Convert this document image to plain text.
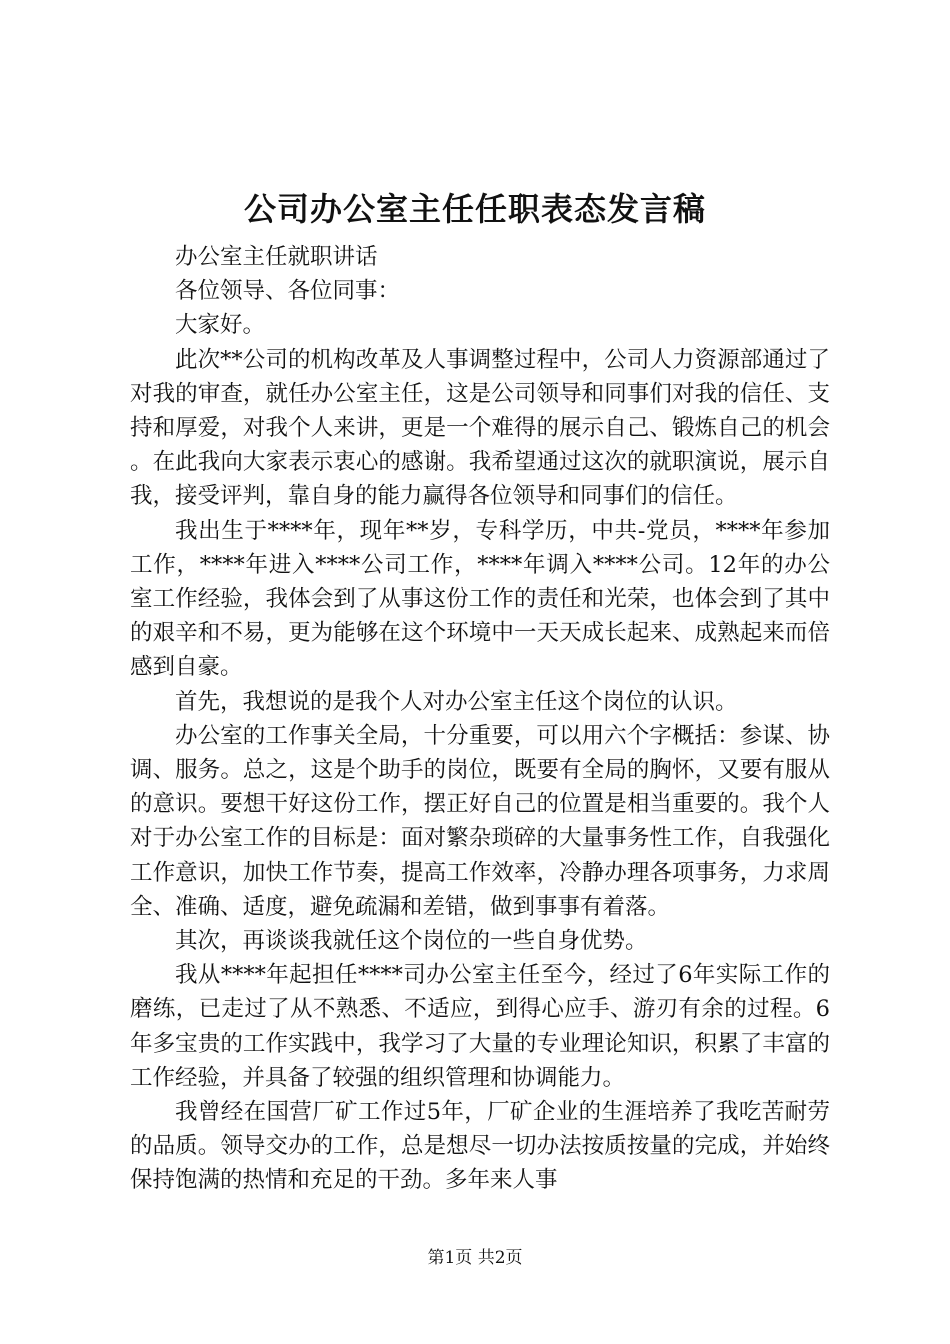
公司办公室主任任职表态发言稿

办公室主任就职讲话

各位领导、各位同事：

大家好。

此次**公司的机构改革及人事调整过程中，公司人力资源部通过了对我的审查，就任办公室主任，这是公司领导和同事们对我的信任、支持和厚爱，对我个人来讲，更是一个难得的展示自己、锻炼自己的机会。在此我向大家表示衷心的感谢。我希望通过这次的就职演说，展示自我，接受评判，靠自身的能力赢得各位领导和同事们的信任。

我出生于****年，现年**岁，专科学历，中共-党员，****年参加工作，****年进入****公司工作，****年调入****公司。12年的办公室工作经验，我体会到了从事这份工作的责任和光荣，也体会到了其中的艰辛和不易，更为能够在这个环境中一天天成长起来、成熟起来而倍感到自豪。

首先，我想说的是我个人对办公室主任这个岗位的认识。

办公室的工作事关全局，十分重要，可以用六个字概括：参谋、协调、服务。总之，这是个助手的岗位，既要有全局的胸怀，又要有服从的意识。要想干好这份工作，摆正好自己的位置是相当重要的。我个人对于办公室工作的目标是：面对繁杂琐碎的大量事务性工作，自我强化工作意识，加快工作节奏，提高工作效率，冷静办理各项事务，力求周全、准确、适度，避免疏漏和差错，做到事事有着落。

其次，再谈谈我就任这个岗位的一些自身优势。

我从****年起担任****司办公室主任至今，经过了6年实际工作的磨练，已走过了从不熟悉、不适应，到得心应手、游刃有余的过程。6年多宝贵的工作实践中，我学习了大量的专业理论知识，积累了丰富的工作经验，并具备了较强的组织管理和协调能力。

我曾经在国营厂矿工作过5年，厂矿企业的生涯培养了我吃苦耐劳的品质。领导交办的工作，总是想尽一切办法按质按量的完成，并始终保持饱满的热情和充足的干劲。多年来人事

第1页 共2页
